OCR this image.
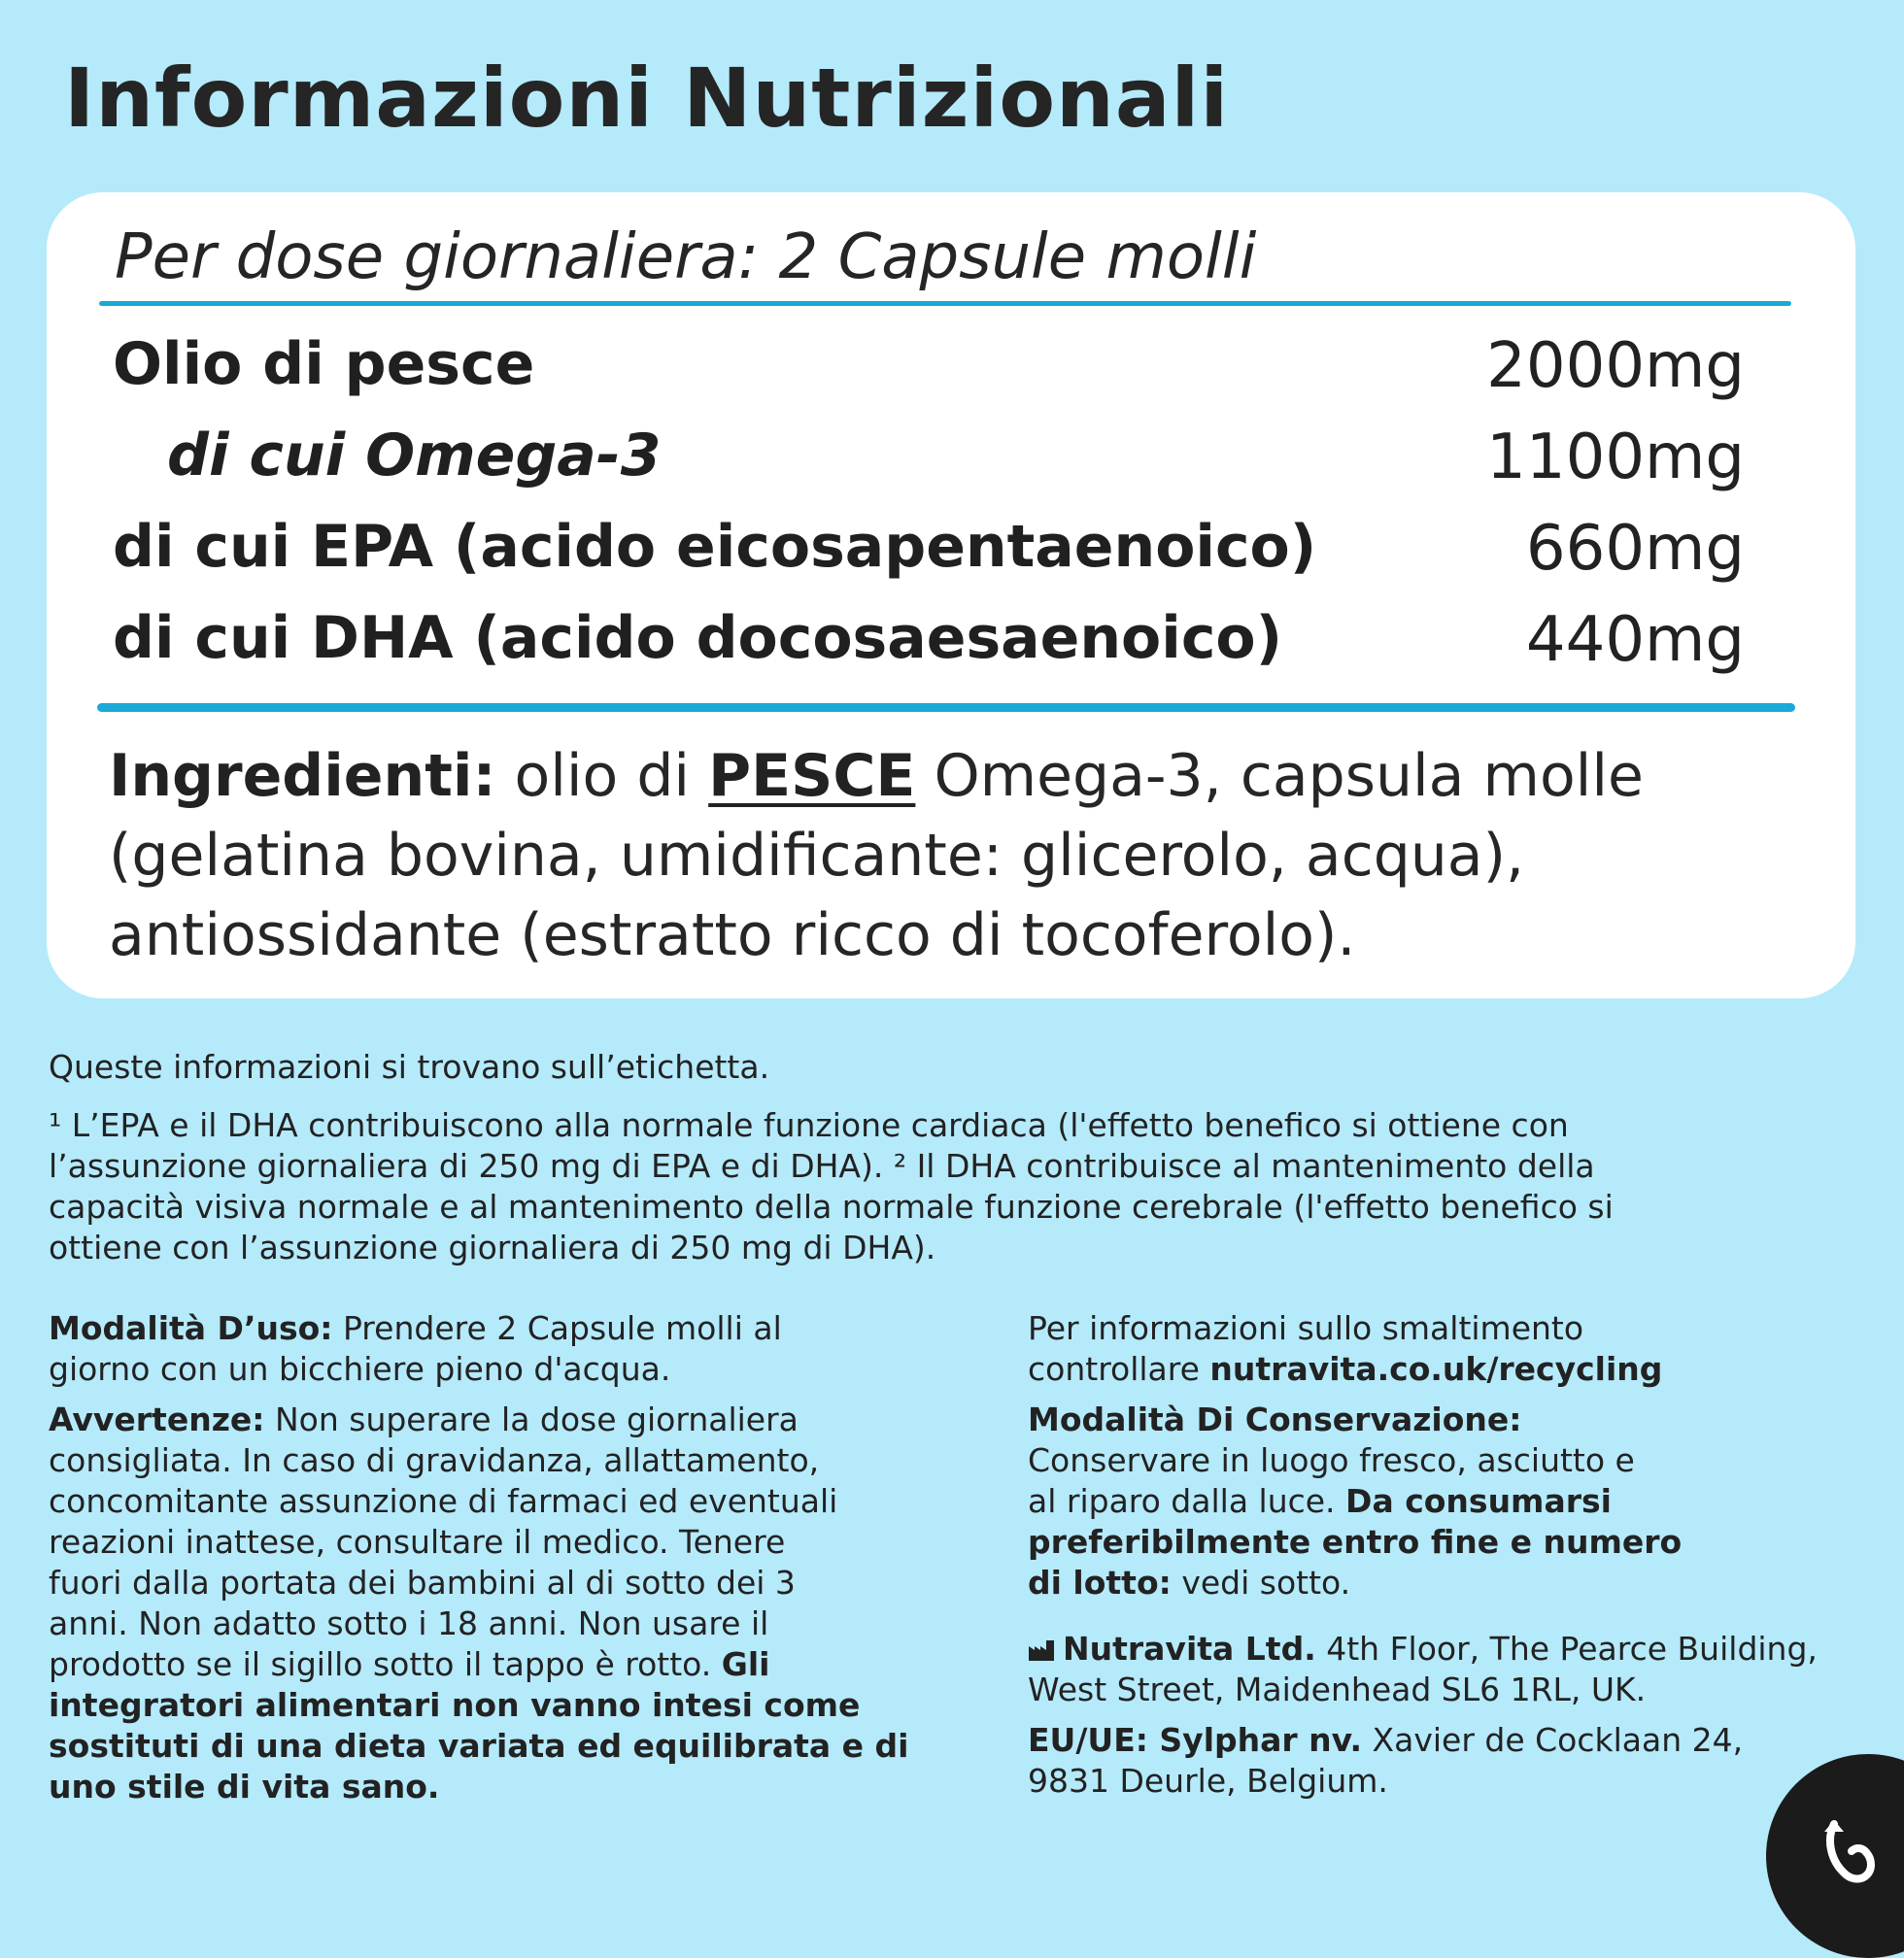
Informazioni Nutrizionali
Per dose giornaliera: 2 Capsule molli
Olio di pesce	2000mg
di cui Omega-3	1100mg
di cui EPA (acido eicosapentaenoico)	660mg
di cui DHA (acido docosaesaenoico)	440mg
Ingredienti: olio di PESCE Omega-3, capsula molle
(gelatina bovina, umidificante: glicerolo, acqua),
antiossidante (estratto ricco di tocoferolo).
Queste informazioni si trovano sull’etichetta.
¹ L’EPA e il DHA contribuiscono alla normale funzione cardiaca (l'effetto benefico si ottiene con
l’assunzione giornaliera di 250 mg di EPA e di DHA). ² Il DHA contribuisce al mantenimento della
capacità visiva normale e al mantenimento della normale funzione cerebrale (l'effetto benefico si
ottiene con l’assunzione giornaliera di 250 mg di DHA).
Modalità D’uso: Prendere 2 Capsule molli al
giorno con un bicchiere pieno d'acqua.
Avvertenze: Non superare la dose giornaliera
consigliata. In caso di gravidanza, allattamento,
concomitante assunzione di farmaci ed eventuali
reazioni inattese, consultare il medico. Tenere
fuori dalla portata dei bambini al di sotto dei 3
anni. Non adatto sotto i 18 anni. Non usare il
prodotto se il sigillo sotto il tappo è rotto. Gli
integratori alimentari non vanno intesi come
sostituti di una dieta variata ed equilibrata e di
uno stile di vita sano.
Per informazioni sullo smaltimento
controllare nutravita.co.uk/recycling
Modalità Di Conservazione:
Conservare in luogo fresco, asciutto e
al riparo dalla luce. Da consumarsi
preferibilmente entro fine e numero
di lotto: vedi sotto.
Nutravita Ltd. 4th Floor, The Pearce Building,
West Street, Maidenhead SL6 1RL, UK.
EU/UE: Sylphar nv. Xavier de Cocklaan 24,
9831 Deurle, Belgium.
